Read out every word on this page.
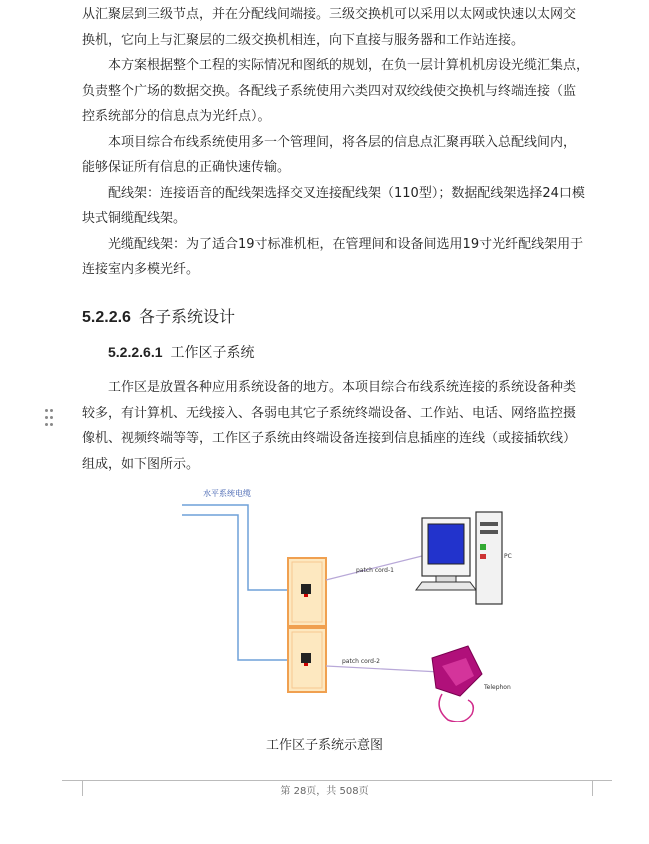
从汇聚层到三级节点，并在分配线间端接。三级交换机可以采用以太网或快速以太网交
换机，它向上与汇聚层的二级交换机相连，向下直接与服务器和工作站连接。
本方案根据整个工程的实际情况和图纸的规划，在负一层计算机机房设光缆汇集点，
负责整个广场的数据交换。各配线子系统使用六类四对双绞线使交换机与终端连接（监
控系统部分的信息点为光纤点）。
本项目综合布线系统使用多一个管理间，将各层的信息点汇聚再联入总配线间内，
能够保证所有信息的正确快速传输。
配线架：连接语音的配线架选择交叉连接配线架（110型）；数据配线架选择24口模
块式铜缆配线架。
光缆配线架：为了适合19寸标准机柜，在管理间和设备间选用19寸光纤配线架用于
连接室内多模光纤。
5.2.2.6 各子系统设计
5.2.2.6.1 工作区子系统
工作区是放置各种应用系统设备的地方。本项目综合布线系统连接的系统设备种类
较多，有计算机、无线接入、各弱电其它子系统终端设备、工作站、电话、网络监控摄
像机、视频终端等等，工作区子系统由终端设备连接到信息插座的连线（或接插软线）
组成，如下图所示。
水平系统电缆
patch cord-1
patch cord-2
PC
Telephon
工作区子系统示意图
第 28页，共 508页
